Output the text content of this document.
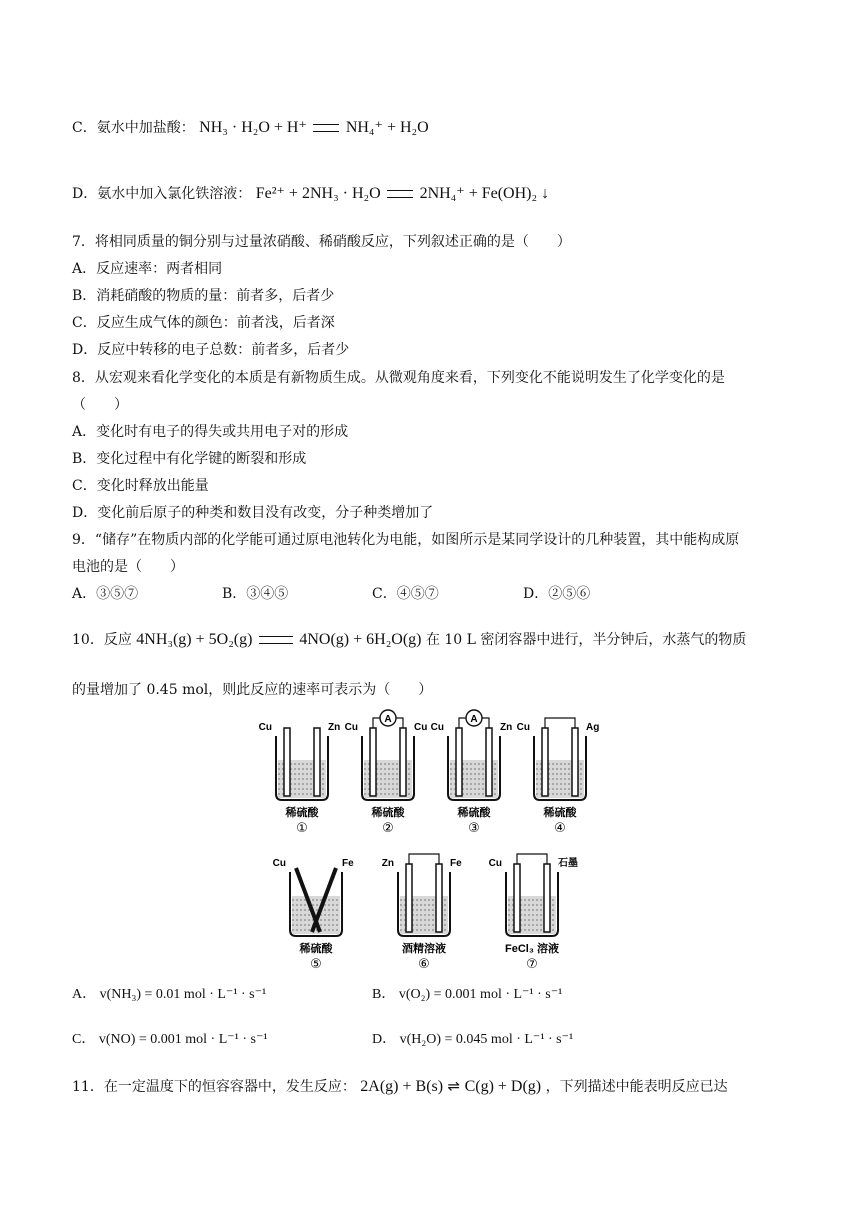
C．氨水中加盐酸： NH₃ · H₂O + H⁺ NH₄⁺ + H₂O
D．氨水中加入氯化铁溶液： Fe²⁺ + 2NH₃ · H₂O 2NH₄⁺ + Fe(OH)₂ ↓
7．将相同质量的铜分别与过量浓硝酸、稀硝酸反应，下列叙述正确的是（　　）
A．反应速率：两者相同
B．消耗硝酸的物质的量：前者多，后者少
C．反应生成气体的颜色：前者浅，后者深
D．反应中转移的电子总数：前者多，后者少
8．从宏观来看化学变化的本质是有新物质生成。从微观角度来看，下列变化不能说明发生了化学变化的是
（　　）
A．变化时有电子的得失或共用电子对的形成
B．变化过程中有化学键的断裂和形成
C．变化时释放出能量
D．变化前后原子的种类和数目没有改变，分子种类增加了
9．“储存”在物质内部的化学能可通过原电池转化为电能，如图所示是某同学设计的几种装置，其中能构成原
电池的是（　　）
A．③⑤⑦	B．③④⑤	C．④⑤⑦	D．②⑤⑥
10．反应 4NH₃(g) + 5O₂(g)	4NO(g) + 6H₂O(g) 在 10 L 密闭容器中进行，半分钟后，水蒸气的物质
的量增加了 0.45 mol，则此反应的速率可表示为（　　）
Cu	Zn
稀硫酸
①
A
Cu	Cu
稀硫酸
②
A
Cu	Zn
稀硫酸
③
Cu	Ag
稀硫酸
④
Cu	Fe
稀硫酸
⑤
Zn	Fe
酒精溶液
⑥
Cu	石墨
FeCl₃ 溶液
⑦
A． v(NH₃) = 0.01 mol · L⁻¹ · s⁻¹	B． v(O₂) = 0.001 mol · L⁻¹ · s⁻¹
C． v(NO) = 0.001 mol · L⁻¹ · s⁻¹	D． v(H₂O) = 0.045 mol · L⁻¹ · s⁻¹
11．在一定温度下的恒容容器中，发生反应： 2A(g) + B(s) ⇌ C(g) + D(g) ，下列描述中能表明反应已达
